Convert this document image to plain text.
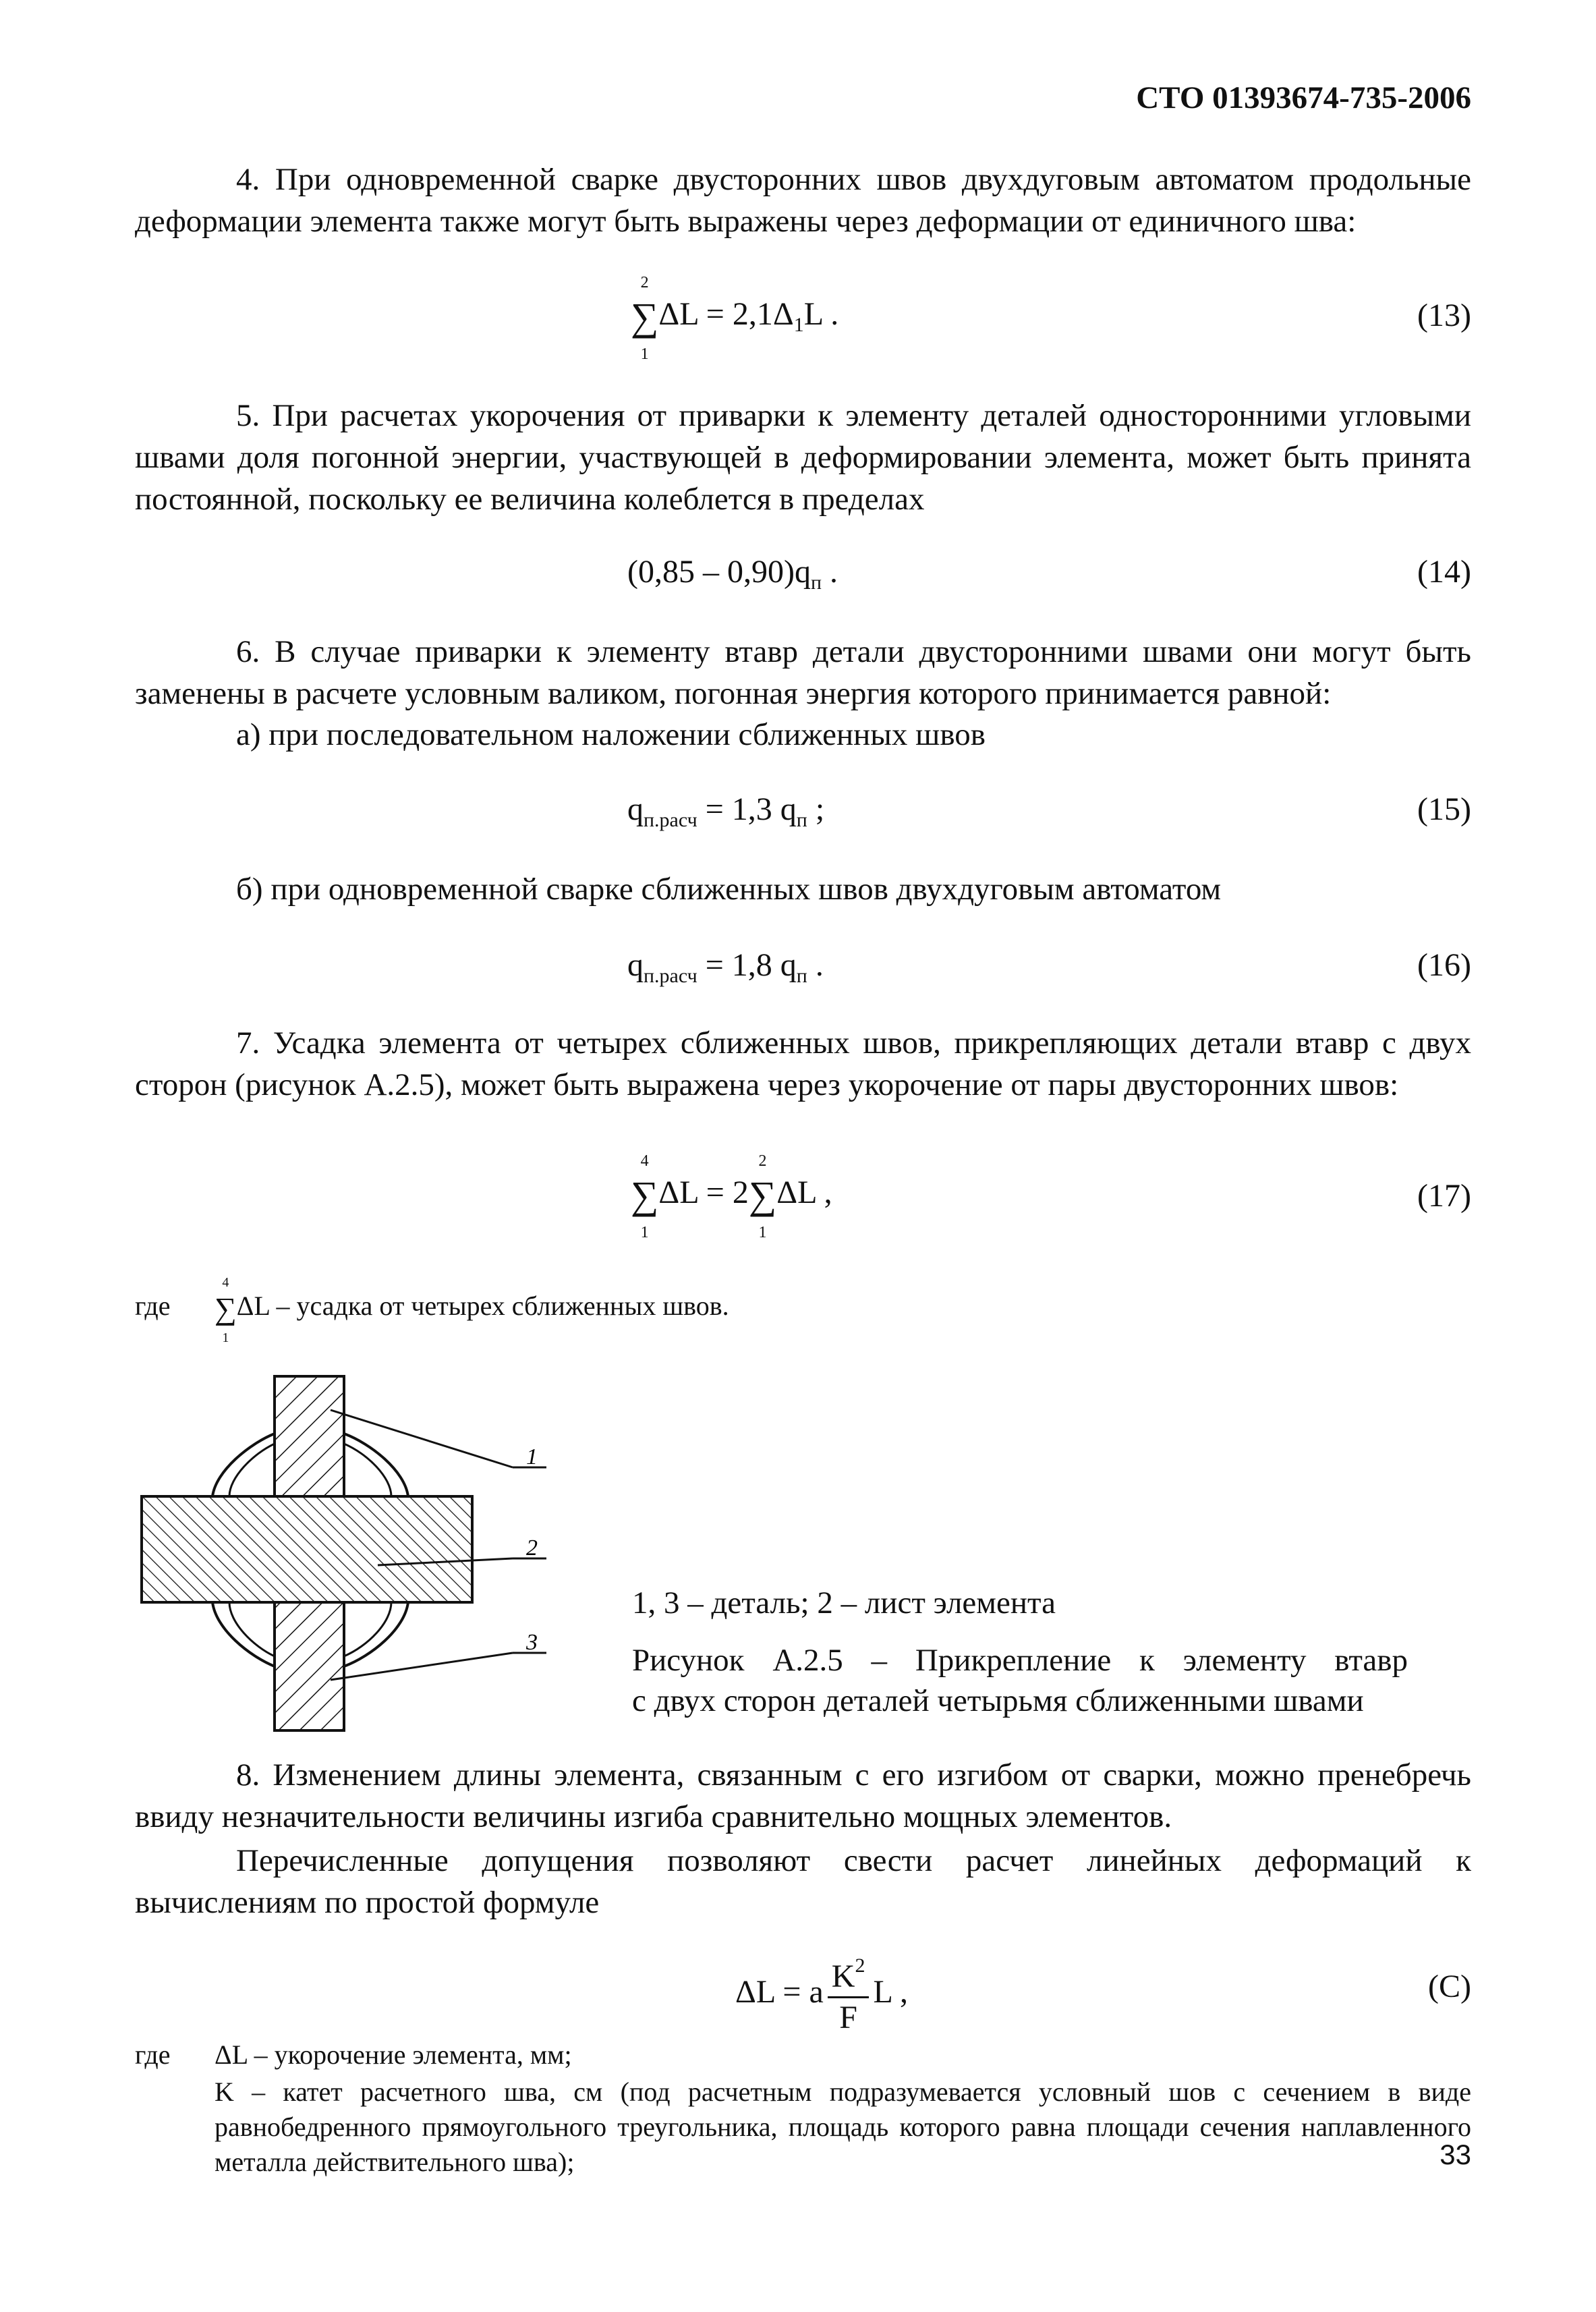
СТО 01393674-735-2006
4. При одновременной сварке двусторонних швов двухдуговым автоматом продольные деформации элемента также могут быть выражены через деформации от единичного шва:
∑
2
1
$\Delta L = 2,1\Delta_1L$ .	(13)
5. При расчетах укорочения от приварки к элементу деталей односторонними угловыми швами доля погонной энергии, участвующей в деформировании элемента, может быть принята постоянной, поскольку ее величина колеблется в пределах
$(0,85 - 0,90)q_п$ .	(14)
6. В случае приварки к элементу втавр детали двусторонними швами они могут быть заменены в расчете условным валиком, погонная энергия которого принимается равной:
а) при последовательном наложении сближенных швов
$q_{п.расч} = 1,3$ $q_п$ ;	(15)
б) при одновременной сварке сближенных швов двухдуговым автоматом
$q_{п.расч} = 1,8$ $q_п$ .	(16)
7. Усадка элемента от четырех сближенных швов, прикрепляющих детали втавр с двух сторон (рисунок А.2.5), может быть выражена через укорочение от пары двусторонних швов:
∑
4
1
ΔL = 2∑
2
1
ΔL ,	(17)
где ∑
4
1
ΔL – усадка от четырех сближенных швов.
1
2
3
1, 3 – деталь; 2 – лист элемента
Рисунок А.2.5 – Прикрепление к элементу втавр
с двух сторон деталей четырьмя сближенными швами
8. Изменением длины элемента, связанным с его изгибом от сварки, можно пренебречь ввиду незначительности величины изгиба сравнительно мощных элементов.
Перечисленные допущения позволяют свести расчет линейных деформаций к вычислениям по простой формуле
ΔL = a $\frac{K^2}{F}$ L ,	(С)
где ΔL – укорочение элемента, мм;
K – катет расчетного шва, см (под расчетным подразумевается условный шов с сечением в виде равнобедренного прямоугольного треугольника, площадь которого равна площади сечения наплавленного металла действительного шва);	33
